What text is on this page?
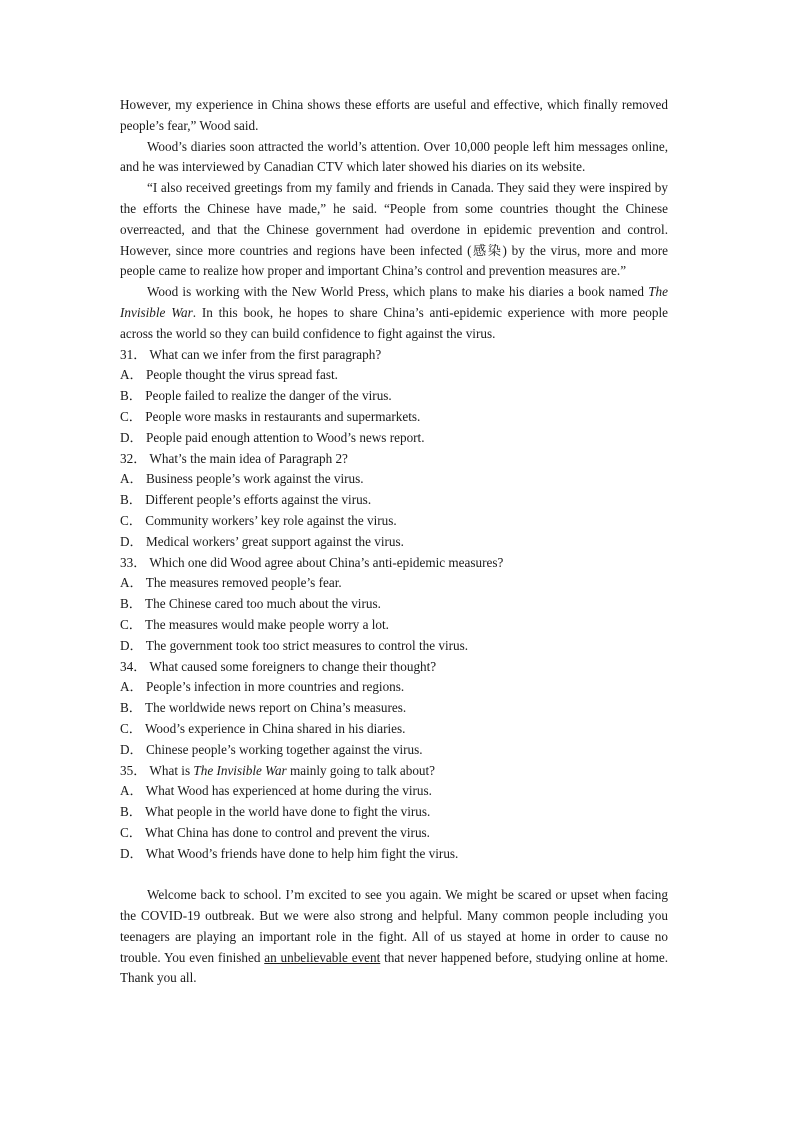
However, my experience in China shows these efforts are useful and effective, which finally removed people’s fear,” Wood said.

Wood’s diaries soon attracted the world’s attention. Over 10,000 people left him messages online, and he was interviewed by Canadian CTV which later showed his diaries on its website.

“I also received greetings from my family and friends in Canada. They said they were inspired by the efforts the Chinese have made,” he said. “People from some countries thought the Chinese overreacted, and that the Chinese government had overdone in epidemic prevention and control. However, since more countries and regions have been infected (感染) by the virus, more and more people came to realize how proper and important China’s control and prevention measures are.”

Wood is working with the New World Press, which plans to make his diaries a book named The Invisible War. In this book, he hopes to share China’s anti-epidemic experience with more people across the world so they can build confidence to fight against the virus.

31． What can we infer from the first paragraph?

A． People thought the virus spread fast.

B． People failed to realize the danger of the virus.

C． People wore masks in restaurants and supermarkets.

D． People paid enough attention to Wood’s news report.

32． What’s the main idea of Paragraph 2?

A． Business people’s work against the virus.

B． Different people’s efforts against the virus.

C． Community workers’ key role against the virus.

D． Medical workers’ great support against the virus.

33． Which one did Wood agree about China’s anti-epidemic measures?

A． The measures removed people’s fear.

B． The Chinese cared too much about the virus.

C． The measures would make people worry a lot.

D． The government took too strict measures to control the virus.

34． What caused some foreigners to change their thought?

A． People’s infection in more countries and regions.

B． The worldwide news report on China’s measures.

C． Wood’s experience in China shared in his diaries.

D． Chinese people’s working together against the virus.

35． What is The Invisible War mainly going to talk about?

A． What Wood has experienced at home during the virus.

B． What people in the world have done to fight the virus.

C． What China has done to control and prevent the virus.

D． What Wood’s friends have done to help him fight the virus.

Welcome back to school. I’m excited to see you again. We might be scared or upset when facing the COVID-19 outbreak. But we were also strong and helpful. Many common people including you teenagers are playing an important role in the fight. All of us stayed at home in order to cause no trouble. You even finished an unbelievable event that never happened before, studying online at home. Thank you all.
